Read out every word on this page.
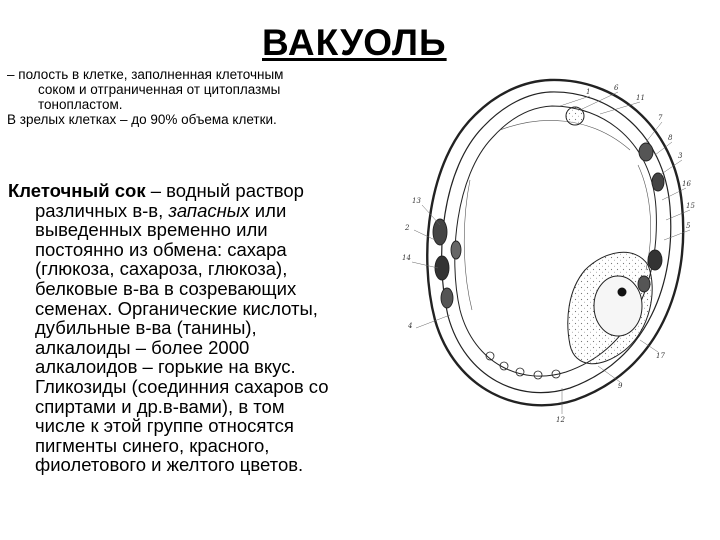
ВАКУОЛЬ
– полость в клетке, заполненная клеточным
соком и отграниченная от цитоплазмы
тонопластом.
В зрелых клетках – до 90% объема клетки.
Клеточный сок – водный раствор
различных в-в, запасных или
выведенных временно или
постоянно из обмена: сахара
(глюкоза, сахароза, глюкоза),
белковые в-ва в созревающих
семенах. Органические кислоты,
дубильные в-ва (танины),
алкалоиды – более 2000
алкалоидов – горькие на вкус.
Гликозиды (соединния сахаров со
спиртами и др.в-вами), в том
числе к этой группе относятся
пигменты синего, красного,
фиолетового и желтого цветов.
1	6
11
7
8
3
16
15
5
13
2
14
4
17
12
9
